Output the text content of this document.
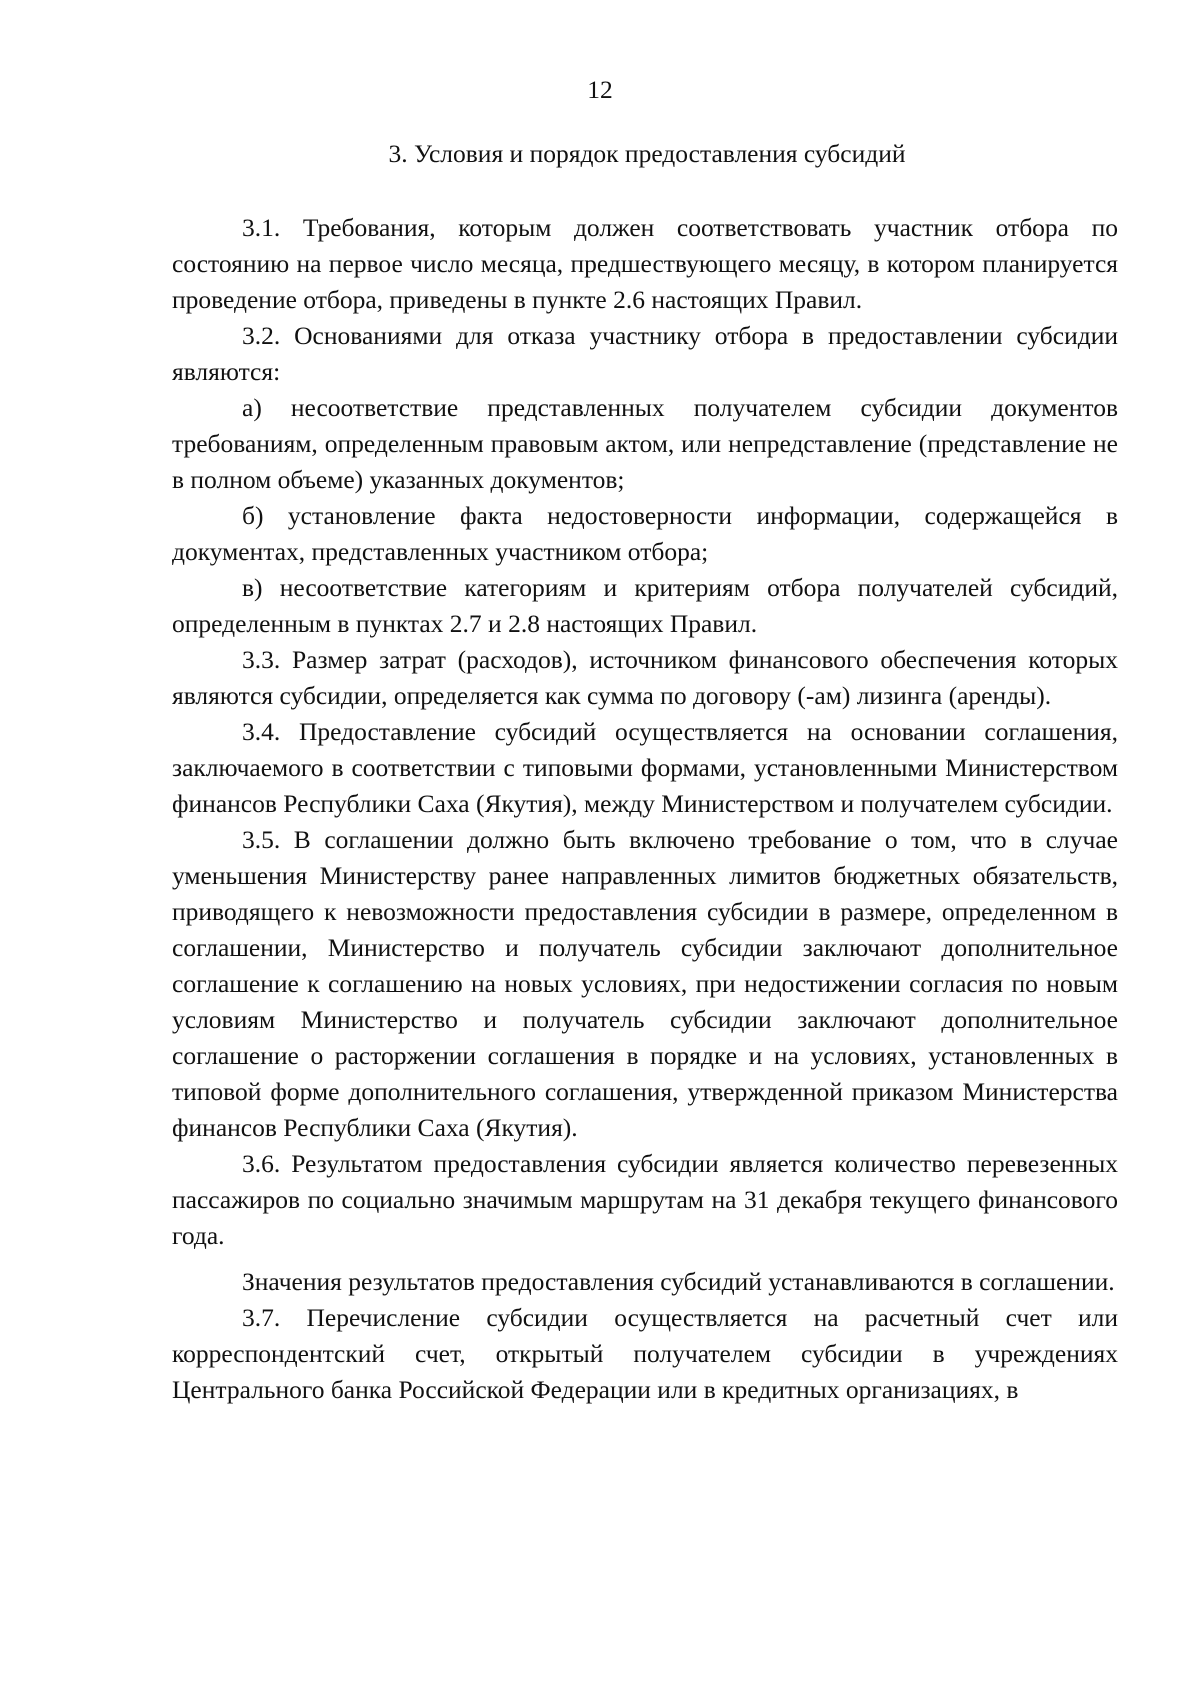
12
3. Условия и порядок предоставления субсидий

3.1. Требования, которым должен соответствовать участник отбора по состоянию на первое число месяца, предшествующего месяцу, в котором планируется проведение отбора, приведены в пункте 2.6 настоящих Правил.

3.2. Основаниями для отказа участнику отбора в предоставлении субсидии являются:

а) несоответствие представленных получателем субсидии документов требованиям, определенным правовым актом, или непредставление (представление не в полном объеме) указанных документов;

б) установление факта недостоверности информации, содержащейся в документах, представленных участником отбора;

в) несоответствие категориям и критериям отбора получателей субсидий, определенным в пунктах 2.7 и 2.8 настоящих Правил.

3.3. Размер затрат (расходов), источником финансового обеспечения которых являются субсидии, определяется как сумма по договору (-ам) лизинга (аренды).

3.4. Предоставление субсидий осуществляется на основании соглашения, заключаемого в соответствии с типовыми формами, установленными Министерством финансов Республики Саха (Якутия), между Министерством и получателем субсидии.

3.5. В соглашении должно быть включено требование о том, что в случае уменьшения Министерству ранее направленных лимитов бюджетных обязательств, приводящего к невозможности предоставления субсидии в размере, определенном в соглашении, Министерство и получатель субсидии заключают дополнительное соглашение к соглашению на новых условиях, при недостижении согласия по новым условиям Министерство и получатель субсидии заключают дополнительное соглашение о расторжении соглашения в порядке и на условиях, установленных в типовой форме дополнительного соглашения, утвержденной приказом Министерства финансов Республики Саха (Якутия).

3.6. Результатом предоставления субсидии является количество перевезенных пассажиров по социально значимым маршрутам на 31 декабря текущего финансового года.

Значения результатов предоставления субсидий устанавливаются в соглашении.

3.7. Перечисление субсидии осуществляется на расчетный счет или корреспондентский счет, открытый получателем субсидии в учреждениях Центрального банка Российской Федерации или в кредитных организациях, в
